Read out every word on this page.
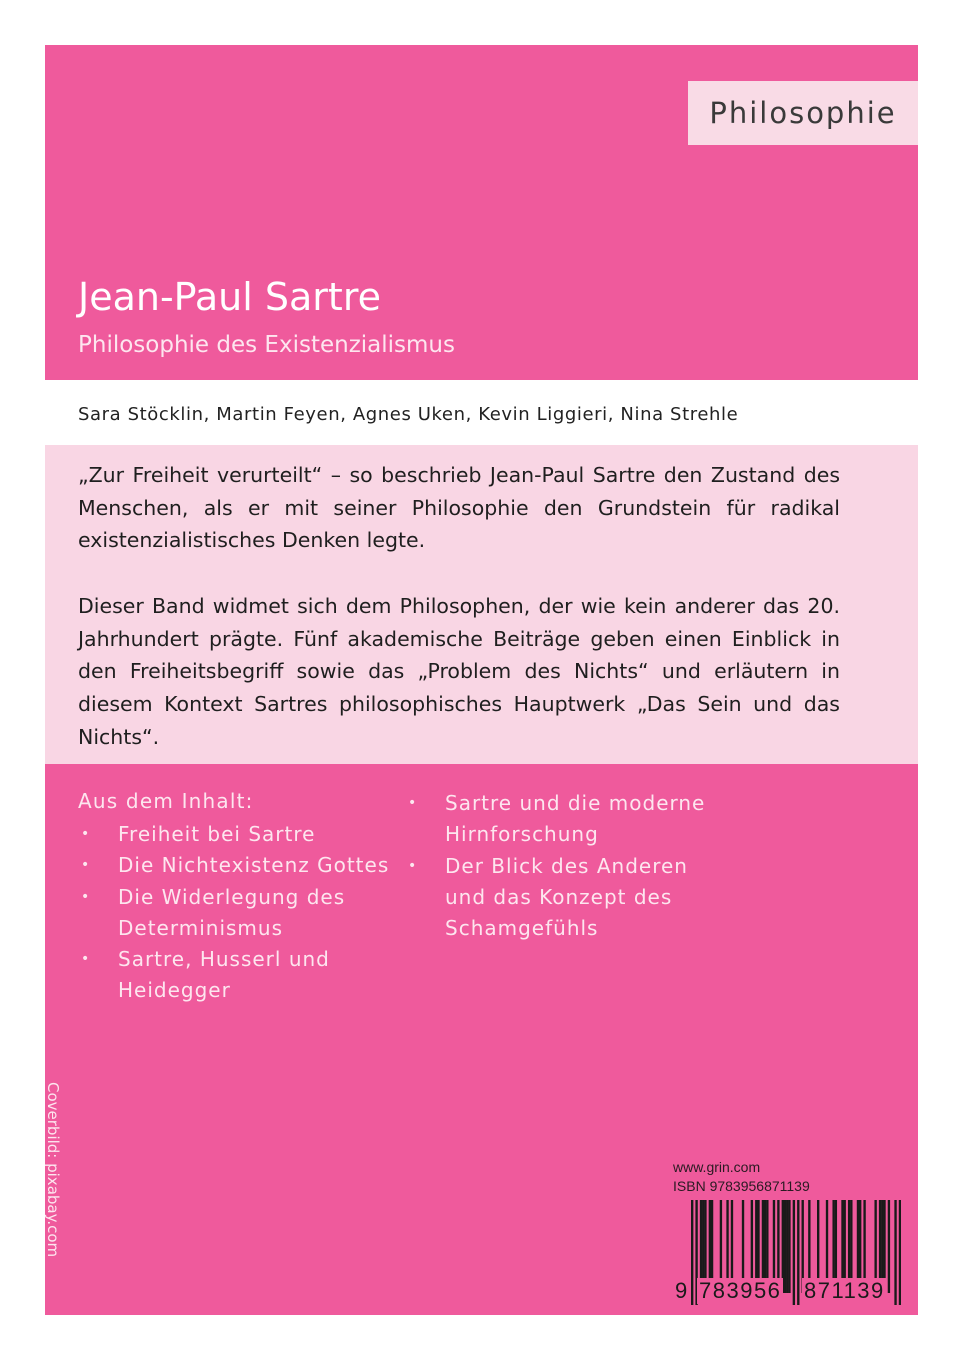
Philosophie
Jean-Paul Sartre
Philosophie des Existenzialismus
Sara Stöcklin, Martin Feyen, Agnes Uken, Kevin Liggieri, Nina Strehle

„Zur Freiheit verurteilt“ – so beschrieb Jean-Paul Sartre den Zustand des Menschen, als er mit seiner Philosophie den Grundstein für radikal existenzialistisches Denken legte.

Dieser Band widmet sich dem Philosophen, der wie kein anderer das 20. Jahrhundert prägte. Fünf akademische Beiträge geben einen Einblick in den Freiheitsbegriff sowie das „Problem des Nichts“ und erläutern in diesem Kontext Sartres philosophisches Hauptwerk „Das Sein und das Nichts“.

Aus dem Inhalt:
• Freiheit bei Sartre
• Die Nichtexistenz Gottes
• Die Widerlegung des Determinismus
• Sartre, Husserl und Heidegger
• Sartre und die moderne Hirnforschung
• Der Blick des Anderen und das Konzept des Schamgefühls
Coverbild: pixabay.com	www.grin.com
ISBN 9783956871139
9 783956 871139
